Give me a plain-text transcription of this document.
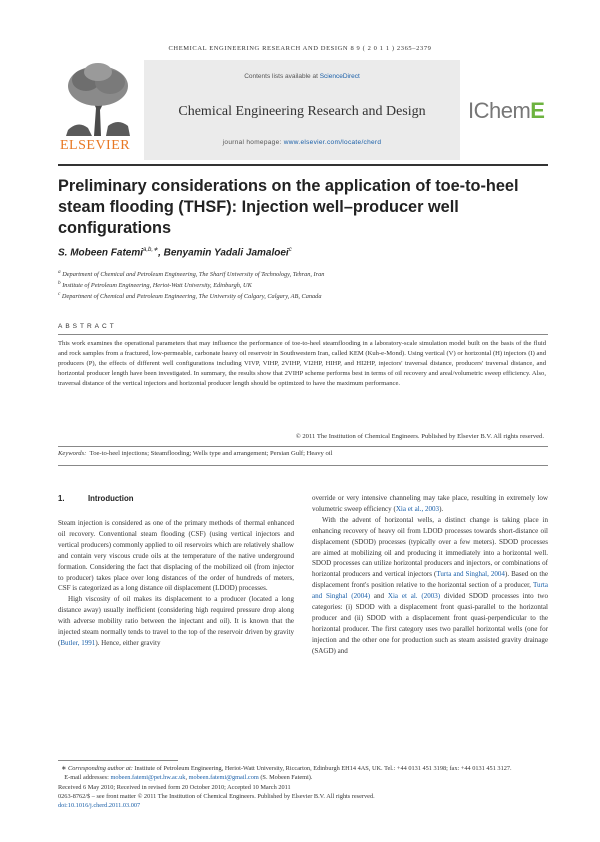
CHEMICAL ENGINEERING RESEARCH AND DESIGN 8 9 ( 2 0 1 1 ) 2365–2379
ELSEVIER
Contents lists available at ScienceDirect
Chemical Engineering Research and Design
journal homepage: www.elsevier.com/locate/cherd
IChemE
Preliminary considerations on the application of toe-to-heel steam flooding (THSF): Injection well–producer well configurations
S. Mobeen Fatemi$^{a,b,∗}$, Benyamin Yadali Jamaloei$^c$
$^a$ Department of Chemical and Petroleum Engineering, The Sharif University of Technology, Tehran, Iran
$^b$ Institute of Petroleum Engineering, Heriot-Watt University, Edinburgh, UK
$^c$ Department of Chemical and Petroleum Engineering, The University of Calgary, Calgary, AB, Canada
ABSTRACT
This work examines the operational parameters that may influence the performance of toe-to-heel steamflooding in a laboratory-scale simulation model built on the basis of the fluid and rock samples from a fractured, low-permeable, carbonate heavy oil reservoir in Southwestern Iran, called KEM (Kuh-e-Mond). Using vertical (V) or horizontal (H) injectors (I) and producers (P), the effects of different well configurations including VIVP, VIHP, 2VIHP, VI2HP, HIHP, and HI2HP, injectors' traversal distance, producers' traversal distance, and horizontal producer length have been investigated. In summary, the results show that 2VIHP scheme performs best in terms of oil recovery and areal/volumetric sweep efficiency. Also, traversal distance of the vertical injectors and horizontal producer length should be optimized to have the maximum performance.
© 2011 The Institution of Chemical Engineers. Published by Elsevier B.V. All rights reserved.
Keywords: Toe-to-heel injections; Steamflooding; Wells type and arrangement; Persian Gulf; Heavy oil
1.	Introduction

Steam injection is considered as one of the primary methods of thermal enhanced oil recovery. Conventional steam flooding (CSF) (using vertical injectors and vertical producers) commonly applied to oil reservoirs which are relatively shallow and contain very viscous crude oils at the temperature of the native underground formation. Considering the fact that displacing of the mobilized oil (from injector to producer) takes place over long distances of the order of hundreds of meters, CSF is categorized as a long distance oil displacement (LDOD) processes.

High viscosity of oil makes its displacement to a producer (located a long distance away) usually inefficient (considering high required pressure drop along with adverse mobility ratio between the injectant and oil). It is known that the injected steam normally tends to travel to the top of the reservoir driven by gravity (Butler, 1991). Hence, either gravity

override or very intensive channeling may take place, resulting in extremely low volumetric sweep efficiency (Xia et al., 2003).

With the advent of horizontal wells, a distinct change is taking place in enhancing recovery of heavy oil from LDOD processes towards short-distance oil displacement (SDOD) processes (typically over a few meters). SDOD processes are aimed at mobilizing oil and producing it immediately into a horizontal well. SDOD processes can utilize horizontal producers and injectors, or combinations of horizontal producers and vertical injectors (Turta and Singhal, 2004). Based on the displacement front's position relative to the horizontal section of a producer, Turta and Singhal (2004) and Xia et al. (2003) divided SDOD processes into two categories: (i) SDOD with a displacement front quasi-parallel to the horizontal producer and (ii) SDOD with a displacement front quasi-perpendicular to the horizontal producer. The first category uses two parallel horizontal wells (one for injection and the other one for production such as steam assisted gravity drainage (SAGD) and

∗ Corresponding author at: Institute of Petroleum Engineering, Heriot-Watt University, Riccarton, Edinburgh EH14 4AS, UK. Tel.: +44 0131 451 3198; fax: +44 0131 451 3127.
E-mail addresses: mobeen.fatemi@pet.hw.ac.uk, mobeen.fatemi@gmail.com (S. Mobeen Fatemi).
Received 6 May 2010; Received in revised form 20 October 2010; Accepted 10 March 2011
0263-8762/$ – see front matter © 2011 The Institution of Chemical Engineers. Published by Elsevier B.V. All rights reserved.
doi:10.1016/j.cherd.2011.03.007
